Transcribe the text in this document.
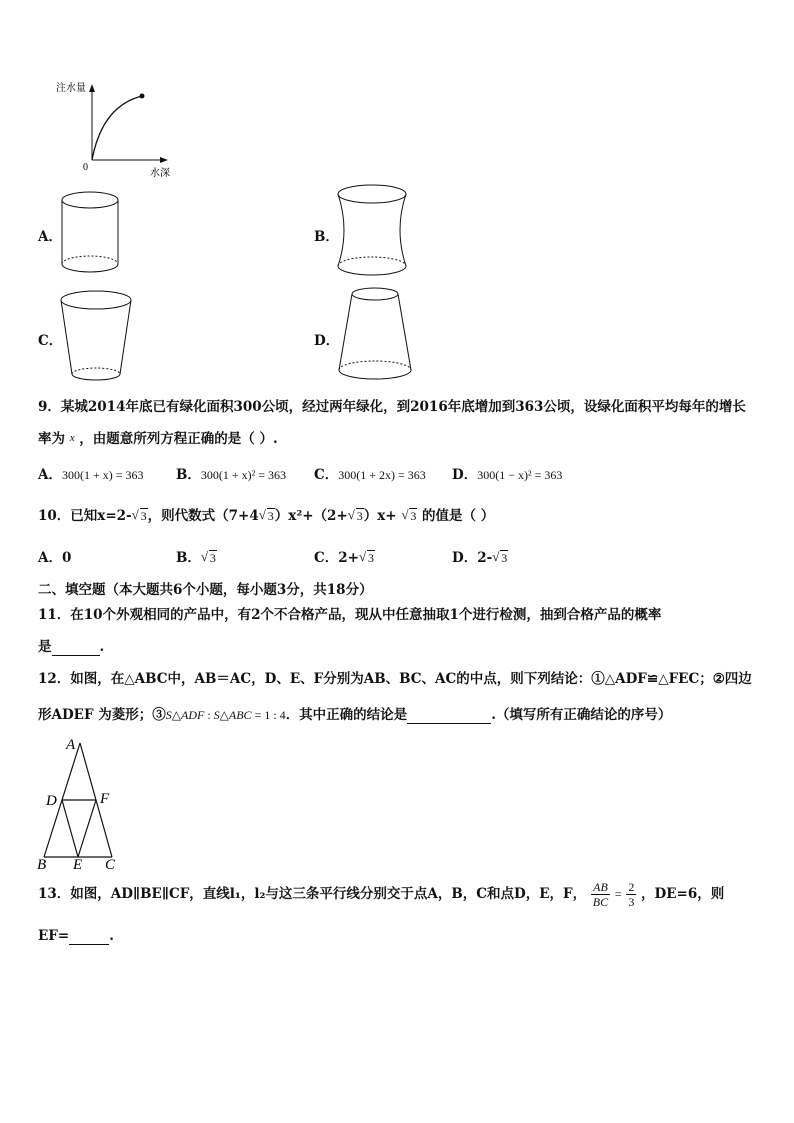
注水量
0
水深
A．	B．
C．	D．
9．某城2014年底已有绿化面积300公顷，经过两年绿化，到2016年底增加到363公顷，设绿化面积平均每年的增长
率为 x ，由题意所列方程正确的是（ ）.
A．300(1 + x) = 363 B．300(1 + x)² = 363 C．300(1 + 2x) = 363 D．300(1 − x)² = 363
10．已知x=2- √ 3，则代数式（7+4 √ 3）x²+（2+ √ 3）x+ √ 3 的值是（ ）
A．0	B． √ 3	C．2+ √ 3	D．2- √ 3
二、填空题（本大题共6个小题，每小题3分，共18分）
11．在10个外观相同的产品中，有2个不合格产品，现从中任意抽取1个进行检测，抽到合格产品的概率
是	.
12．如图，在△ABC中，AB＝AC，D、E、F分别为AB、BC、AC的中点，则下列结论：①△ADF≌△FEC；②四边
形ADEF 为菱形；③S△ADF : S△ABC = 1 : 4．其中正确的结论是	.（填写所有正确结论的序号）
A
D	F
B E C
13．如图，AD∥BE∥CF，直线l₁，l₂与这三条平行线分别交于点A，B，C和点D，E，F， $\frac{AB}{BC} = \frac{2}{3}$ ，DE=6，则
EF=	.
